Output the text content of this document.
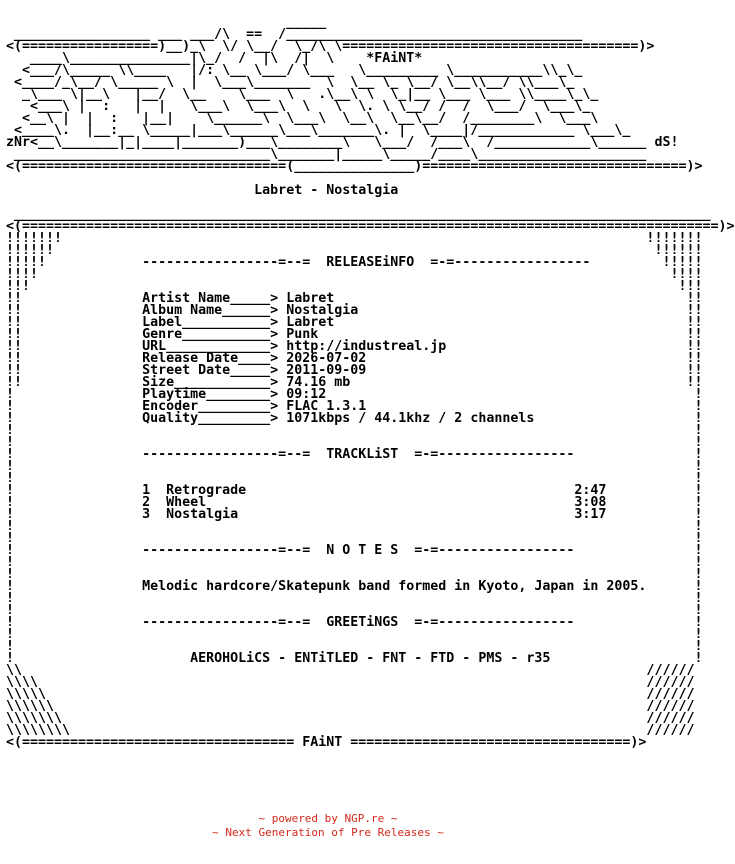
_____
_________________ ___ ___/\  ==  /_____________________________________
<(=================)__)_\  \/ \__/  \_/\ \=====================================)>
____\_______________|\_/  /  |\  /|  \    *FAiNT*
<___/\_____ \\____   |/: \__ \___/ \___   \_________ \___________\\_\_
<____/_\__/ \_____ \  |  \___\_______  \  \__ \_ \__/ \__\\__/ \\___\_
_\___ \|__\   |__/  \__    \___  \   .\__\ \  \_|__ \___ \___ \\____\_\_
<___\ |  :   |  |   \___\  \___\  \   \  \. \ \__/ /  /  \___/  \___\_
<__\ |  |  :   |__|    \______\  \___\  \__\  \__\__/  /________\  \___\
<____\.  |__:__ \_____|___\______\___\_______\. |  \____|/____________ \___\_
zNr<__\_______|_|____|_______)___\________\   \___/  /___\  /____________\______ dS!
________________________________\_______|_____\_____/____\_____________________
<(=================================(_______________)=================================)>

Labret - Nostalgia

_______________________________________________________________________________________
<(=======================================================================================)>
!!!!!!!                                                                         !!!!!!!
!!!!!!                                                                           !!!!!!
!!!!!            -----------------=--=  RELEASEiNFO  =-=-----------------         !!!!!
!!!!                                                                               !!!!
!!!                                                                                 !!!
!!               Artist Name_____> Labret                                            !!
!!               Album Name______> Nostalgia                                         !!
!!               Label___________> Labret                                            !!
!!               Genre___________> Punk                                              !!
!!               URL_____________> http://industreal.jp                              !!
!!               Release Date____> 2026-07-02                                        !!
!!               Street Date_____> 2011-09-09                                        !!
!!               Size____________> 74.16 mb                                          !!
!                Playtime________> 09:12                                              !
!                Encoder_________> FLAC 1.3.1                                         !
!                Quality_________> 1071kbps / 44.1khz / 2 channels                    !
!                                                                                     !
!                                                                                     !
!                -----------------=--=  TRACKLiST  =-=-----------------               !
!                                                                                     !
!                                                                                     !
!                1  Retrograde                                         2:47           !
!                2  Wheel                                              3:08           !
!                3  Nostalgia                                          3:17           !
!                                                                                     !
!                                                                                     !
!                -----------------=--=  N O T E S  =-=-----------------               !
!                                                                                     !
!                                                                                     !
!                Melodic hardcore/Skatepunk band formed in Kyoto, Japan in 2005.      !
!                                                                                     !
!                                                                                     !
!                -----------------=--=  GREETiNGS  =-=-----------------               !
!                                                                                     !
!                                                                                     !
!                      AEROHOLiCS - ENTiTLED - FNT - FTD - PMS - r35                  !
\\                                                                              //////
\\\\                                                                            //////
\\\\\                                                                           //////
\\\\\\                                                                          //////
\\\\\\\                                                                         //////
\\\\\\\\                                                                        //////
<(================================== FAiNT ===================================)>
~ powered by NGP.re ~
~ Next Generation of Pre Releases ~
